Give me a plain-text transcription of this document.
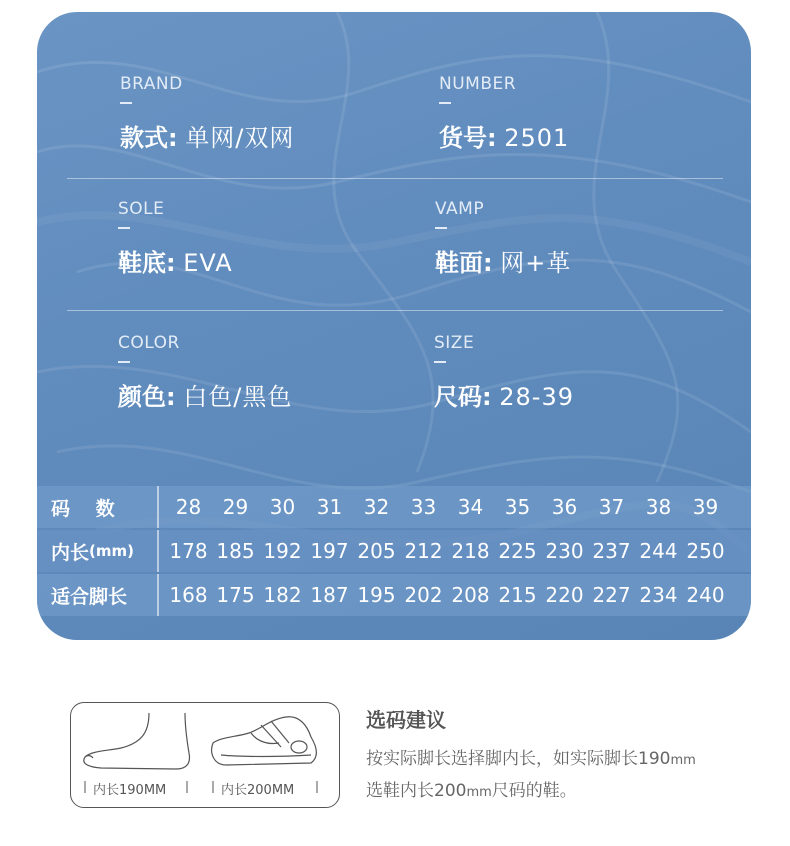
BRAND
款式: 单网/双网
NUMBER
货号: 2501
SOLE
鞋底: EVA
VAMP
鞋面: 网+革
COLOR
颜色: 白色/黑色
SIZE
尺码: 28-39
码　 数	28	29	30	31	32	33	34	35	36	37	38	39
内长 (mm) 178 185 192 197 205 212 218 225 230 237 244 250
适合脚长	168 175 182 187 195 202 208 215 220 227 234 240
内长190MM	内长200MM
选码建议
按实际脚长选择脚内长，如实际脚长190mm
选鞋内长200mm尺码的鞋。
